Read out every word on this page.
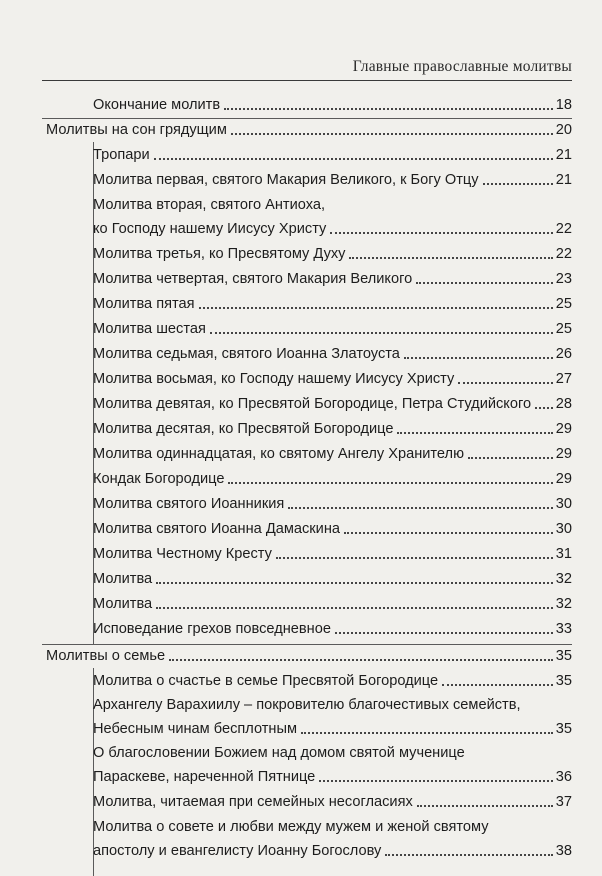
Главные православные молитвы
Окончание молитв	18
Молитвы на сон грядущим	20
Тропари	21
Молитва первая, святого Макария Великого, к Богу Отцу	21
Молитва вторая, святого Антиоха,
ко Господу нашему Иисусу Христу	22
Молитва третья, ко Пресвятому Духу	22
Молитва четвертая, святого Макария Великого	23
Молитва пятая	25
Молитва шестая	25
Молитва седьмая, святого Иоанна Златоуста	26
Молитва восьмая, ко Господу нашему Иисусу Христу	27
Молитва девятая, ко Пресвятой Богородице, Петра Студийского 28
Молитва десятая, ко Пресвятой Богородице	29
Молитва одиннадцатая, ко святому Ангелу Хранителю	29
Кондак Богородице	29
Молитва святого Иоанникия	30
Молитва святого Иоанна Дамаскина	30
Молитва Честному Кресту	31
Молитва	32
Молитва	32
Исповедание грехов повседневное	33
Молитвы о семье	35
Молитва о счастье в семье Пресвятой Богородице	35
Архангелу Варахиилу – покровителю благочестивых семейств,
Небесным чинам бесплотным	35
О благословении Божием над домом святой мученице
Параскеве, нареченной Пятнице	36
Молитва, читаемая при семейных несогласиях	37
Молитва о совете и любви между мужем и женой святому
апостолу и евангелисту Иоанну Богослову	38
